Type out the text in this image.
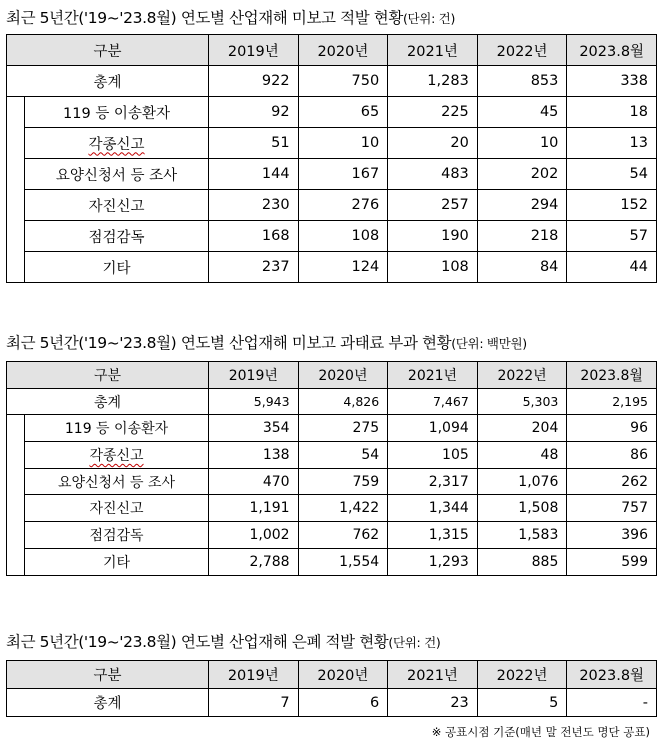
최근 5년간('19~'23.8월) 연도별 산업재해 미보고 적발 현황(단위: 건)
구분		2019년	2020년	2021년	2022년	2023.8월
총계		922	750	1,283	853	338
	119 등 이송환자	92	65	225	45	18
	각종신고	51	10	20	10	13
	요양신청서 등 조사	144	167	483	202	54
	자진신고	230	276	257	294	152
	점검감독	168	108	190	218	57
	기타	237	124	108	84	44
최근 5년간('19~'23.8월) 연도별 산업재해 미보고 과태료 부과 현황(단위: 백만원)
구분		2019년	2020년	2021년	2022년	2023.8월
총계		5,943	4,826	7,467	5,303	2,195
	119 등 이송환자	354	275	1,094	204	96
	각종신고	138	54	105	48	86
	요양신청서 등 조사	470	759	2,317	1,076	262
	자진신고	1,191	1,422	1,344	1,508	757
	점검감독	1,002	762	1,315	1,583	396
	기타	2,788	1,554	1,293	885	599
최근 5년간('19~'23.8월) 연도별 산업재해 은폐 적발 현황(단위: 건)
구분	2019년	2020년	2021년	2022년	2023.8월
총계	7	6	23	5	-
※ 공표시점 기준(매년 말 전년도 명단 공표)
